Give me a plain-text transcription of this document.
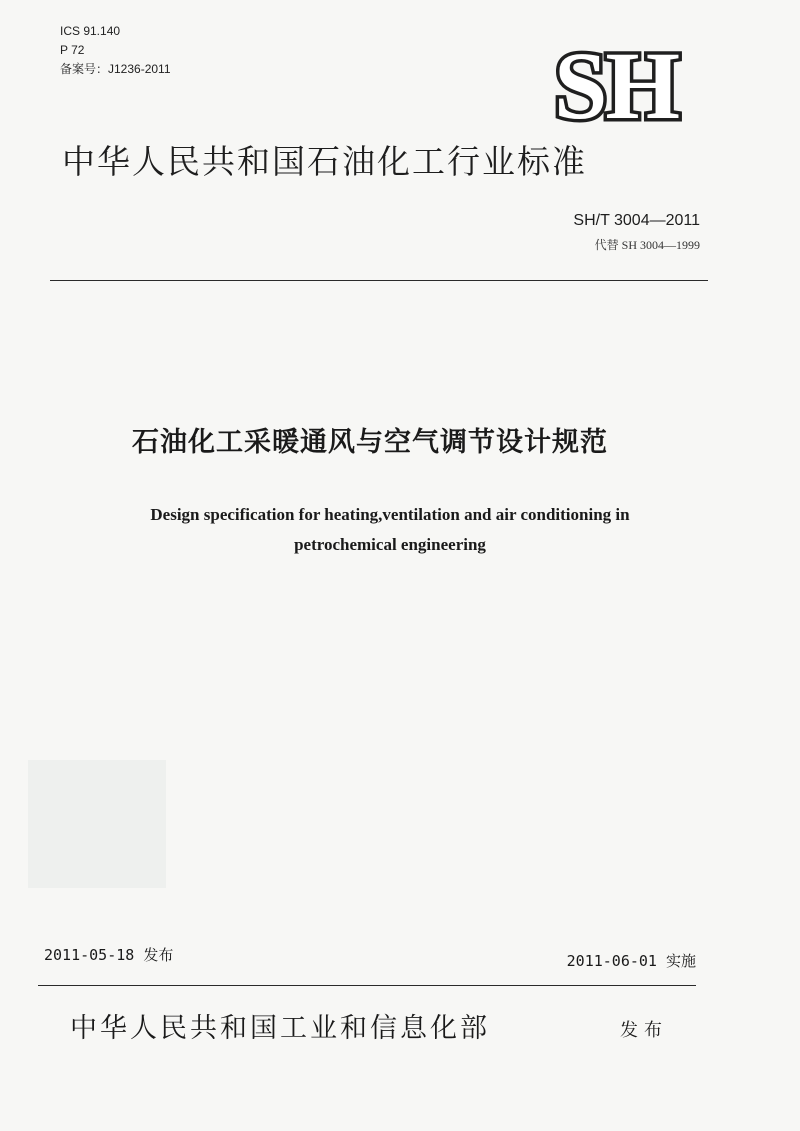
ICS 91.140
P 72
备案号：J1236-2011	SH
中华人民共和国石油化工行业标准
SH/T 3004—2011
代替 SH 3004—1999
石油化工采暖通风与空气调节设计规范
Design specification for heating,ventilation and air conditioning in
petrochemical engineering
2011-05-18 发布	2011-06-01 实施
中华人民共和国工业和信息化部	发布
